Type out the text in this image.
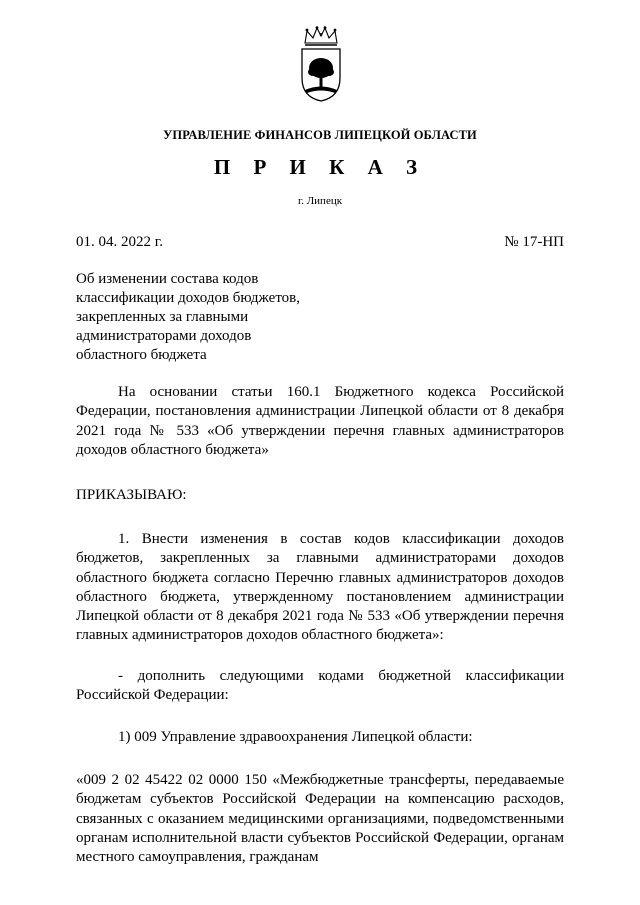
УПРАВЛЕНИЕ ФИНАНСОВ ЛИПЕЦКОЙ ОБЛАСТИ
П Р И К А З
г. Липецк
01. 04. 2022 г.	№ 17-НП
Об изменении состава кодов
классификации доходов бюджетов,
закрепленных за главными
администраторами доходов
областного бюджета
На основании статьи 160.1 Бюджетного кодекса Российской Федерации, постановления администрации Липецкой области от 8 декабря 2021 года № 533 «Об утверждении перечня главных администраторов доходов областного бюджета»
ПРИКАЗЫВАЮ:
1. Внести изменения в состав кодов классификации доходов бюджетов, закрепленных за главными администраторами доходов областного бюджета согласно Перечню главных администраторов доходов областного бюджета, утвержденному постановлением администрации Липецкой области от 8 декабря 2021 года № 533 «Об утверждении перечня главных администраторов доходов областного бюджета»:
- дополнить следующими кодами бюджетной классификации Российской Федерации:
1) 009 Управление здравоохранения Липецкой области:
«009 2 02 45422 02 0000 150 «Межбюджетные трансферты, передаваемые бюджетам субъектов Российской Федерации на компенсацию расходов, связанных с оказанием медицинскими организациями, подведомственными органам исполнительной власти субъектов Российской Федерации, органам местного самоуправления, гражданам
